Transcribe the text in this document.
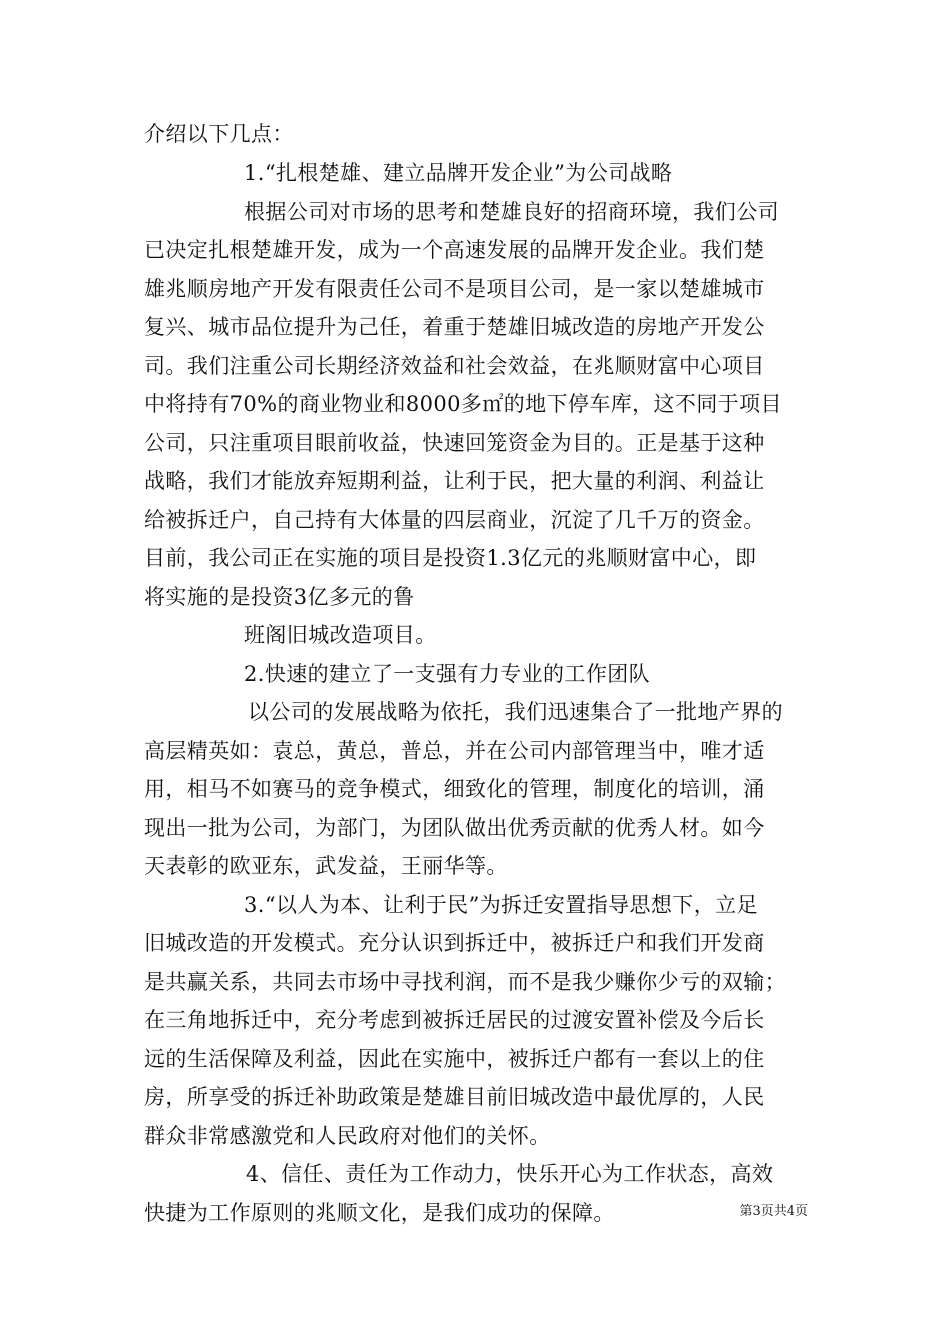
介绍以下几点：
1.“扎根楚雄、建立品牌开发企业”为公司战略
根据公司对市场的思考和楚雄良好的招商环境，我们公司
已决定扎根楚雄开发，成为一个高速发展的品牌开发企业。我们楚
雄兆顺房地产开发有限责任公司不是项目公司，是一家以楚雄城市
复兴、城市品位提升为己任，着重于楚雄旧城改造的房地产开发公
司。我们注重公司长期经济效益和社会效益，在兆顺财富中心项目
中将持有70%的商业物业和8000多㎡的地下停车库，这不同于项目
公司，只注重项目眼前收益，快速回笼资金为目的。正是基于这种
战略，我们才能放弃短期利益，让利于民，把大量的利润、利益让
给被拆迁户，自己持有大体量的四层商业，沉淀了几千万的资金。
目前，我公司正在实施的项目是投资1.3亿元的兆顺财富中心，即
将实施的是投资3亿多元的鲁
班阁旧城改造项目。
2.快速的建立了一支强有力专业的工作团队
以公司的发展战略为依托，我们迅速集合了一批地产界的
高层精英如：袁总，黄总，普总，并在公司内部管理当中，唯才适
用，相马不如赛马的竞争模式，细致化的管理，制度化的培训，涌
现出一批为公司，为部门，为团队做出优秀贡献的优秀人材。如今
天表彰的欧亚东，武发益，王丽华等。
3.“以人为本、让利于民”为拆迁安置指导思想下，立足
旧城改造的开发模式。充分认识到拆迁中，被拆迁户和我们开发商
是共赢关系，共同去市场中寻找利润，而不是我少赚你少亏的双输；
在三角地拆迁中，充分考虑到被拆迁居民的过渡安置补偿及今后长
远的生活保障及利益，因此在实施中，被拆迁户都有一套以上的住
房，所享受的拆迁补助政策是楚雄目前旧城改造中最优厚的，人民
群众非常感激党和人民政府对他们的关怀。
4、信任、责任为工作动力，快乐开心为工作状态，高效
快捷为工作原则的兆顺文化，是我们成功的保障。	第3页共4页
